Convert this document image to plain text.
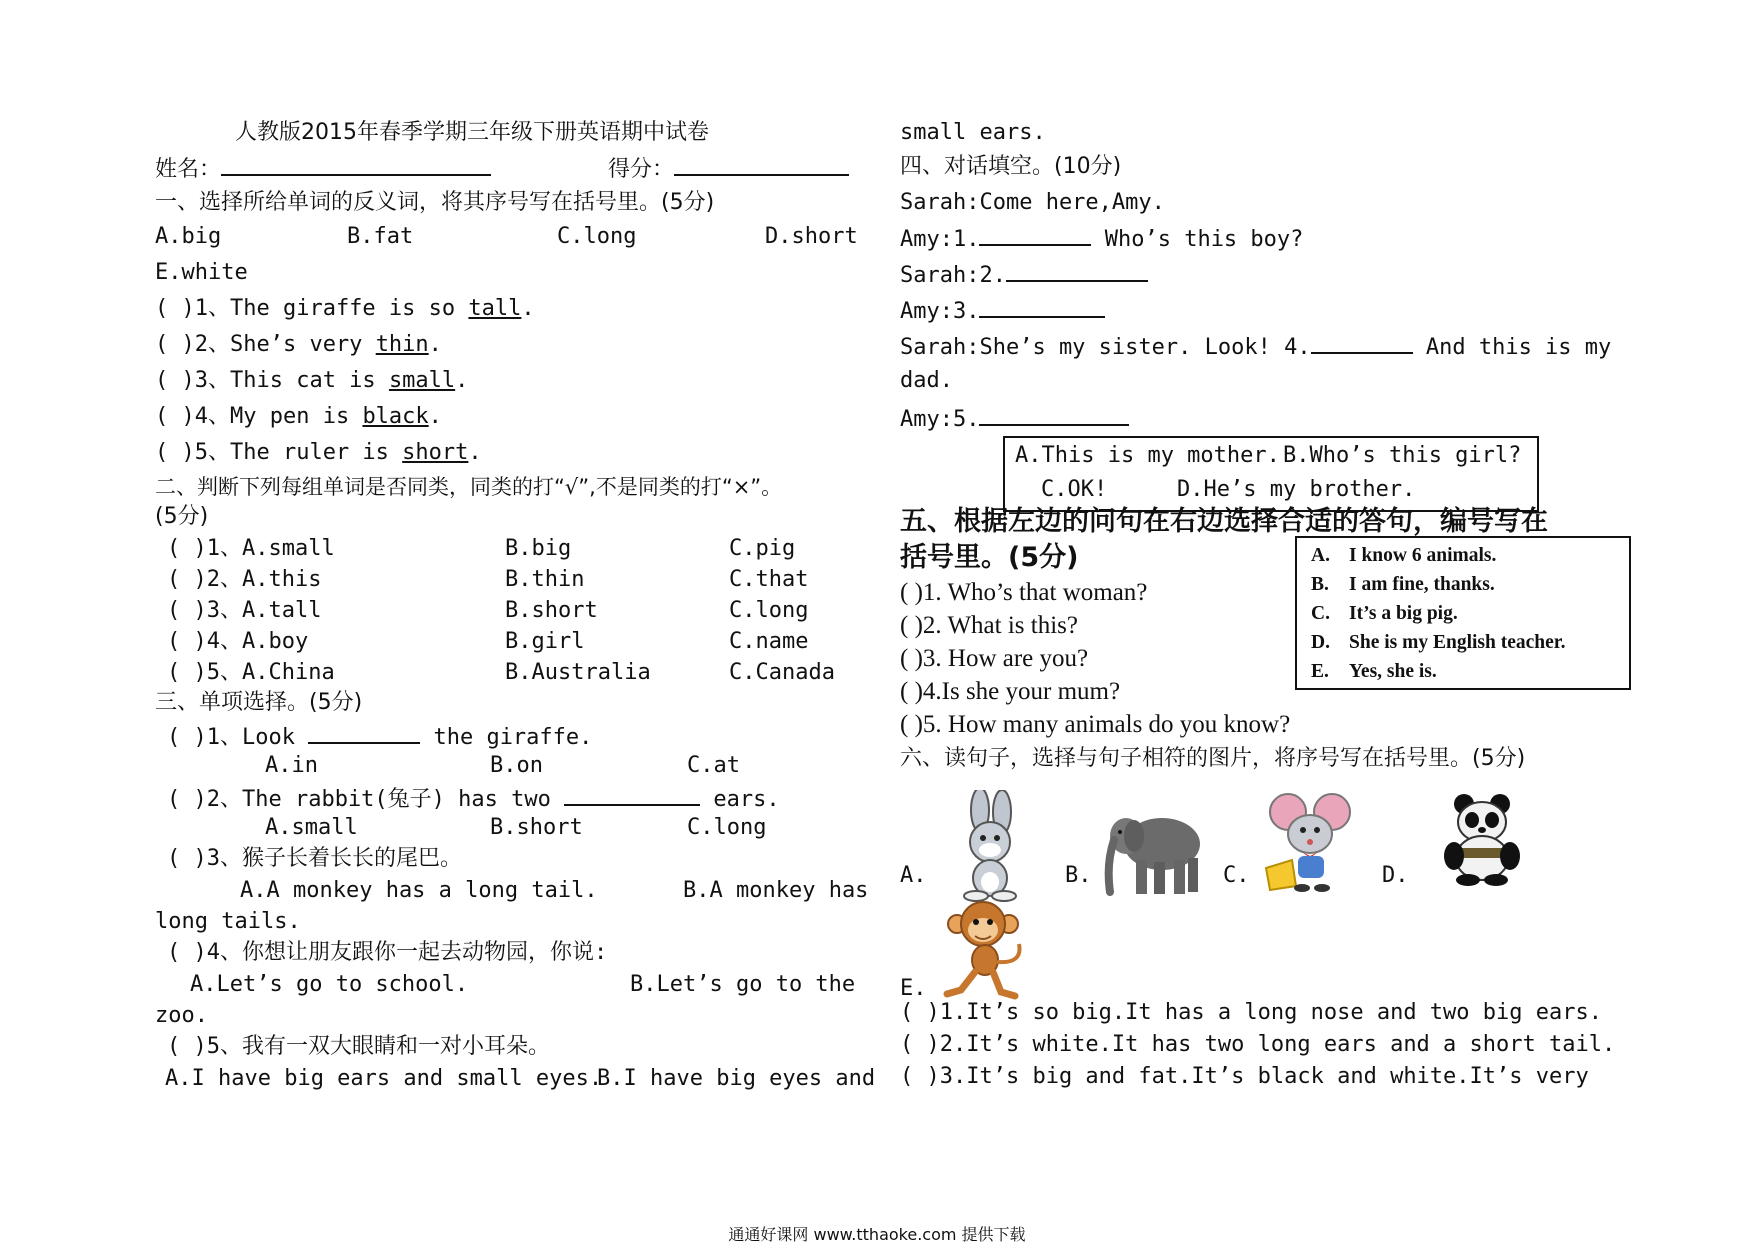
人教版2015年春季学期三年级下册英语期中试卷
姓名：	得分：
一、选择所给单词的反义词，将其序号写在括号里。(5分)
A.big	B.fat	C.long	D.short
E.white
( )1、The giraffe is so tall.
( )2、She’s very thin.
( )3、This cat is small.
( )4、My pen is black.
( )5、The ruler is short.
二、判断下列每组单词是否同类，同类的打“√”,不是同类的打“×”。
(5分)
( )1、A.small	B.big	C.pig
( )2、A.this	B.thin	C.that
( )3、A.tall	B.short	C.long
( )4、A.boy	B.girl	C.name
( )5、A.China	B.Australia	C.Canada
三、单项选择。(5分)
( )1、Look	the giraffe.
A.in	B.on	C.at
( )2、The rabbit(兔子) has two	ears.
A.small	B.short	C.long
( )3、猴子长着长长的尾巴。
A.A monkey has a long tail.	B.A monkey has
long tails.
( )4、你想让朋友跟你一起去动物园，你说:
A.Let’s go to school.	B.Let’s go to the
zoo.
( )5、我有一双大眼睛和一对小耳朵。
A.I have big ears and small eyes.
B.I have big eyes and
small ears.
四、对话填空。(10分)
Sarah:Come here,Amy.
Amy:1.	Who’s this boy?
Sarah:2.
Amy:3.
Sarah:She’s my sister. Look! 4.	And this is my
dad.
Amy:5.
A.This is my mother. B.Who’s this girl?
C.OK!	D.He’s my brother.
五、根据左边的问句在右边选择合适的答句，编号写在
括号里。(5分)
( )1. Who’s that woman?
( )2. What is this?
( )3. How are you?
( )4.Is she your mum?
( )5. How many animals do you know?
A. I know 6 animals.
B. I am fine, thanks.
C. It’s a big pig.
D. She is my English teacher.
E. Yes, she is.
六、读句子，选择与句子相符的图片，将序号写在括号里。(5分)
A.	B.	C.	D.
E.
( )1.It’s so big.It has a long nose and two big ears.
( )2.It’s white.It has two long ears and a short tail.
( )3.It’s big and fat.It’s black and white.It’s very
通通好课网 www.tthaoke.com 提供下载
